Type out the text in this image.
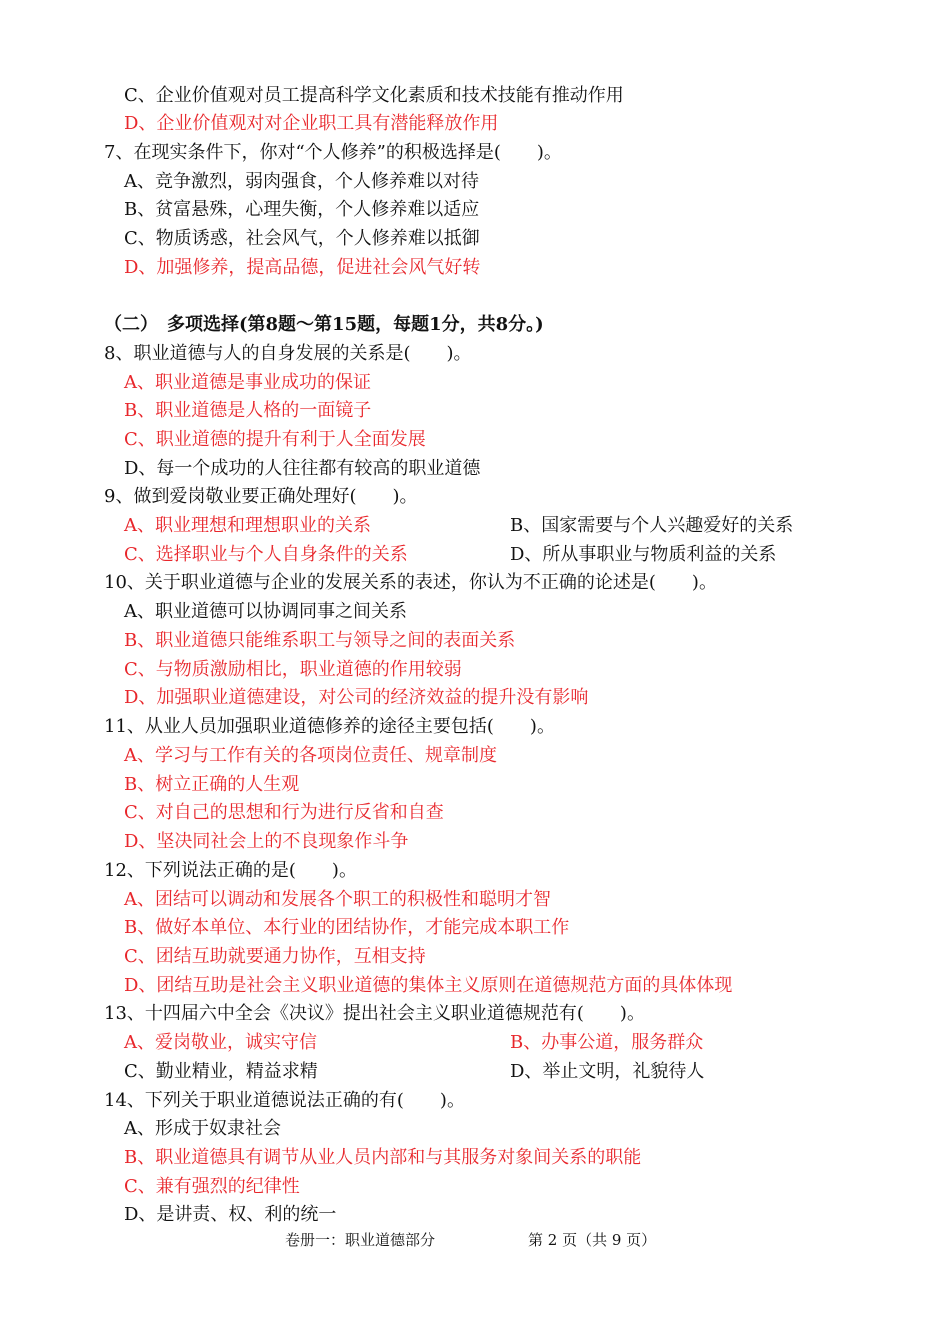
C、企业价值观对员工提高科学文化素质和技术技能有推动作用
D、企业价值观对对企业职工具有潜能释放作用
7、在现实条件下，你对“个人修养”的积极选择是(　　)。
A、竞争激烈，弱肉强食，个人修养难以对待
B、贫富悬殊，心理失衡，个人修养难以适应
C、物质诱惑，社会风气，个人修养难以抵御
D、加强修养，提高品德，促进社会风气好转
（二）　多项选择(第8题～第15题，每题1分，共8分。)
8、职业道德与人的自身发展的关系是(　　)。
A、职业道德是事业成功的保证
B、职业道德是人格的一面镜子
C、职业道德的提升有利于人全面发展
D、每一个成功的人往往都有较高的职业道德
9、做到爱岗敬业要正确处理好(　　)。
A、职业理想和理想职业的关系	B、国家需要与个人兴趣爱好的关系
C、选择职业与个人自身条件的关系	D、所从事职业与物质利益的关系
10、关于职业道德与企业的发展关系的表述，你认为不正确的论述是(　　)。
A、职业道德可以协调同事之间关系
B、职业道德只能维系职工与领导之间的表面关系
C、与物质激励相比，职业道德的作用较弱
D、加强职业道德建设，对公司的经济效益的提升没有影响
11、从业人员加强职业道德修养的途径主要包括(　　)。
A、学习与工作有关的各项岗位责任、规章制度
B、树立正确的人生观
C、对自己的思想和行为进行反省和自查
D、坚决同社会上的不良现象作斗争
12、下列说法正确的是(　　)。
A、团结可以调动和发展各个职工的积极性和聪明才智
B、做好本单位、本行业的团结协作，才能完成本职工作
C、团结互助就要通力协作，互相支持
D、团结互助是社会主义职业道德的集体主义原则在道德规范方面的具体体现
13、十四届六中全会《决议》提出社会主义职业道德规范有(　　)。
A、爱岗敬业，诚实守信	B、办事公道，服务群众
C、勤业精业，精益求精	D、举止文明，礼貌待人
14、下列关于职业道德说法正确的有(　　)。
A、形成于奴隶社会
B、职业道德具有调节从业人员内部和与其服务对象间关系的职能
C、兼有强烈的纪律性
D、是讲责、权、利的统一
卷册一：职业道德部分	第 2 页（共 9 页）
